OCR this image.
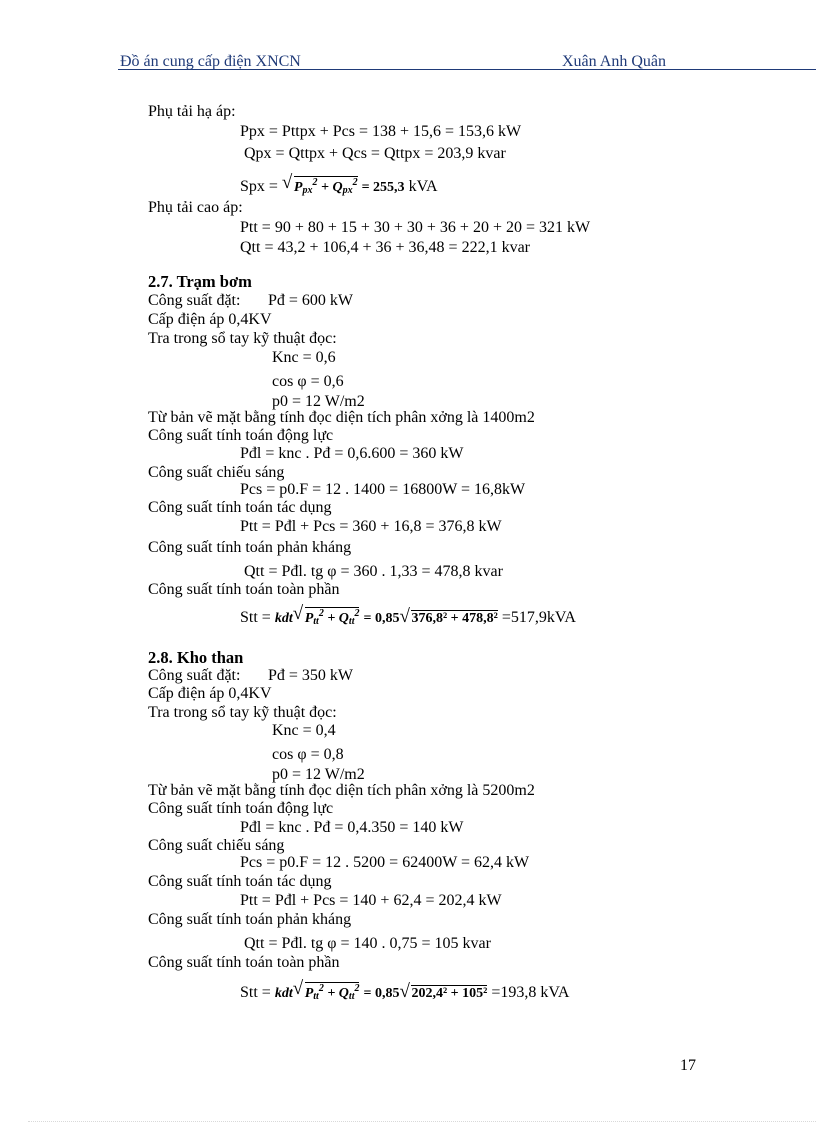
Đồ án cung cấp điện XNCN	Xuân Anh Quân
Phụ tải hạ áp:
Ppx = Pttpx + Pcs = 138 + 15,6 = 153,6 kW
Qpx = Qttpx + Qcs = Qttpx = 203,9 kvar
Spx = √ $P_{px}^2 + Q_{px}^2 = 255,3$ kVA
Phụ tải cao áp:
Ptt = 90 + 80 + 15 + 30 + 30 + 36 + 20 + 20 = 321 kW
Qtt = 43,2 + 106,4 + 36 + 36,48 = 222,1 kvar
2.7. Trạm bơm
Công suất đặt: Pđ = 600 kW
Cấp điện áp 0,4KV
Tra trong sổ tay kỹ thuật đọc:
Knc = 0,6
cos φ = 0,6
p0 = 12 W/m2
Từ bản vẽ mặt bằng tính đọc diện tích phân xởng là 1400m2
Công suất tính toán động lực
Pđl = knc . Pđ = 0,6.600 = 360 kW
Công suất chiếu sáng
Pcs = p0.F = 12 . 1400 = 16800W = 16,8kW
Công suất tính toán tác dụng
Ptt = Pđl + Pcs = 360 + 16,8 = 376,8 kW
Công suất tính toán phản kháng
Qtt = Pđl. tg φ = 360 . 1,33 = 478,8 kvar
Công suất tính toán toàn phần
Stt = kdt√ $P_{tt}^2 + Q_{tt}^2 = 0,85√$ 376,8² + 478,8² =517,9kVA
2.8. Kho than
Công suất đặt: Pđ = 350 kW
Cấp điện áp 0,4KV
Tra trong sổ tay kỹ thuật đọc:
Knc = 0,4
cos φ = 0,8
p0 = 12 W/m2
Từ bản vẽ mặt bằng tính đọc diện tích phân xởng là 5200m2
Công suất tính toán động lực
Pđl = knc . Pđ = 0,4.350 = 140 kW
Công suất chiếu sáng
Pcs = p0.F = 12 . 5200 = 62400W = 62,4 kW
Công suất tính toán tác dụng
Ptt = Pđl + Pcs = 140 + 62,4 = 202,4 kW
Công suất tính toán phản kháng
Qtt = Pđl. tg φ = 140 . 0,75 = 105 kvar
Công suất tính toán toàn phần
Stt = kdt√ $P_{tt}^2 + Q_{tt}^2 = 0,85√$ 202,4² + 105² =193,8 kVA
17
